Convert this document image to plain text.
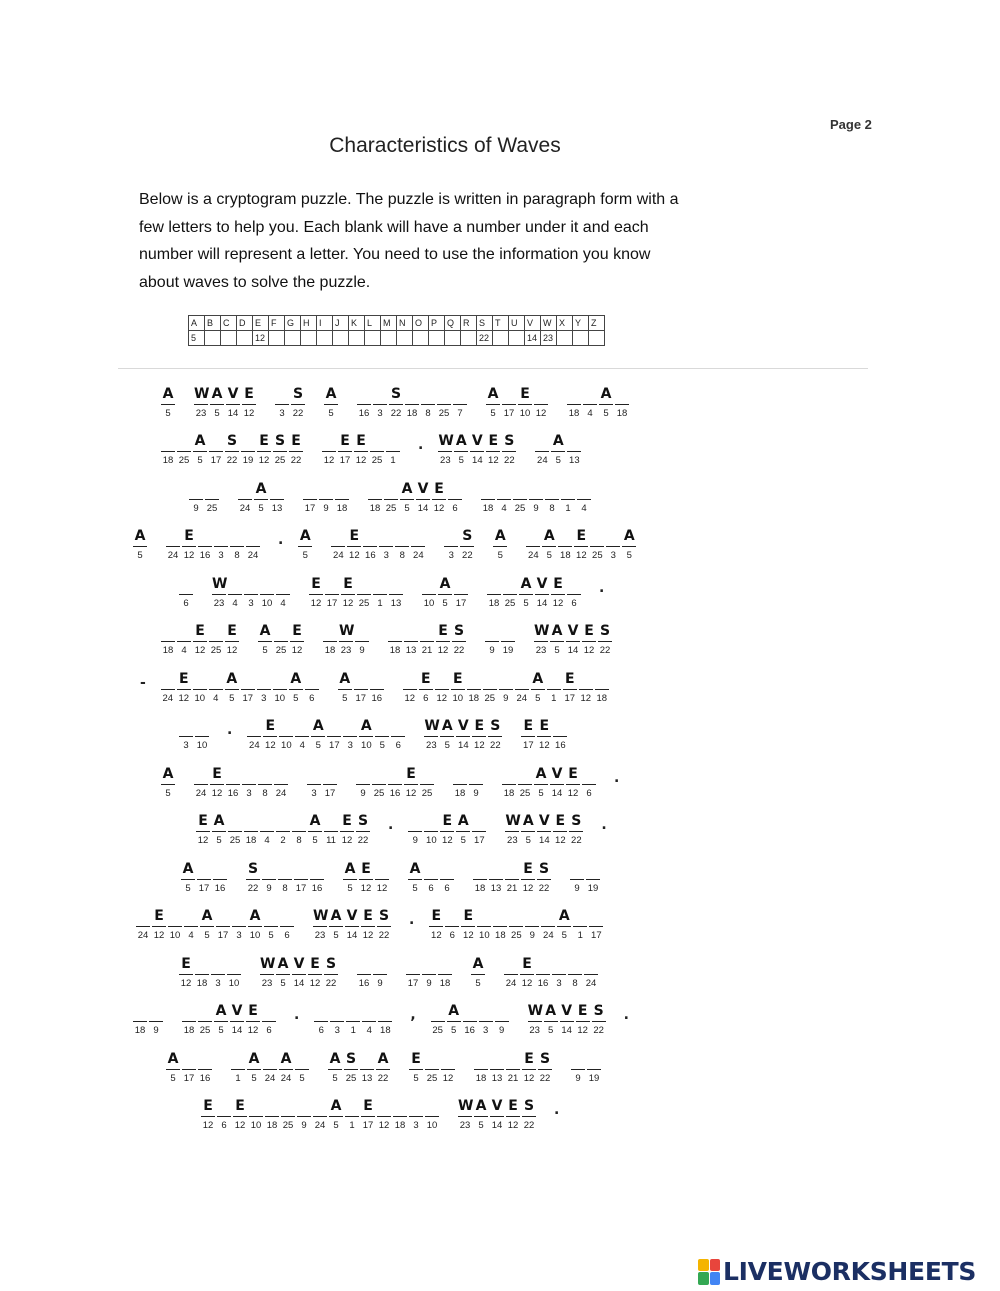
Page 2
Characteristics of Waves
Below is a cryptogram puzzle. The puzzle is written in paragraph form with a
few letters to help you. Each blank will have a number under it and each
number will represent a letter. You need to use the information you know
about waves to solve the puzzle.
A	B	C	D	E	F	G	H	I	J	K	L	M	N	O	P	Q	R	S	T	U	V	W	X	Y	Z
5				12														22			14	23			
A
5
W
23
A
5
V
14
E
12	3
S
22
A
5	16 3
S
22 18 8 25 7
A
5 17
E
10 12 18 4
A
5 18
18 25
A
5 17
S
22 19
E
12
S
25
E
22 12
E
17
E
12 25 1
. W
23
A
5
V
14
E
12
S
22 24
A
5 13
9 25 24
A
5 13 17 9 18 18 25
A
5
V
14
E
12 6	18 4 25 9 8 1 4
A
5	24
E
12 16 3 8 24
. A
5	24
E
12 16 3 8 24	3
S
22
A
5	24
A
5 18
E
12 25 3
A
5
6
W
23 4 3 10 4
E
12 17
E
12 25 1 13 10
A
5 17 18 25
A
5
V
14
E
12 6
.
18 4
E
12 25
E
12
A
5 25
E
12 18
W
23 9	18 13 21
E
12
S
22	9 19
W
23
A
5
V
14
E
12
S
22
-
24
E
12 10 4
A
5 17 3 10
A
5 6
A
5 17 16 12
E
6 12
E
10 18 25 9 24
A
5 1
E
17 12 18
3 10
.
24
E
12 10 4
A
5 17 3
A
10 5 6
W
23
A
5
V
14
E
12
S
22
E
17
E
12 16
A
5	24
E
12 16 3 8 24	3 17	9 25 16
E
12 25 18 9	18 25
A
5
V
14
E
12 6
.
E
12
A
5 25 18 4 2 8
A
5 11
E
12
S
22
.
9 10
E
12
A
5 17
W
23
A
5
V
14
E
12
S
22
.
A
5 17 16
S
22 9 8 17 16
A
5
E
12 12
A
5 6 6	18 13 21
E
12
S
22	9 19
24
E
12 10 4
A
5 17 3
A
10 5 6
W
23
A
5
V
14
E
12
S
22
. E
12 6
E
12 10 18 25 9 24
A
5 1 17
E
12 18 3 10
W
23
A
5
V
14
E
12
S
22 16 9	17 9 18
A
5	24
E
12 16 3 8 24
18 9	18 25
A
5
V
14
E
12 6
.
6 3 1 4 18
,
25
A
5 16 3 9
W
23
A
5
V
14
E
12
S
22
.
A
5 17 16	1
A
5 24
A
24 5
A
5
S
25 13
A
22
E
5 25 12 18 13 21
E
12
S
22	9 19
E
12 6
E
12 10 18 25 9 24
A
5 1
E
17 12 18 3 10
W
23
A
5
V
14
E
12
S
22
.
LIVEWORKSHEETS
